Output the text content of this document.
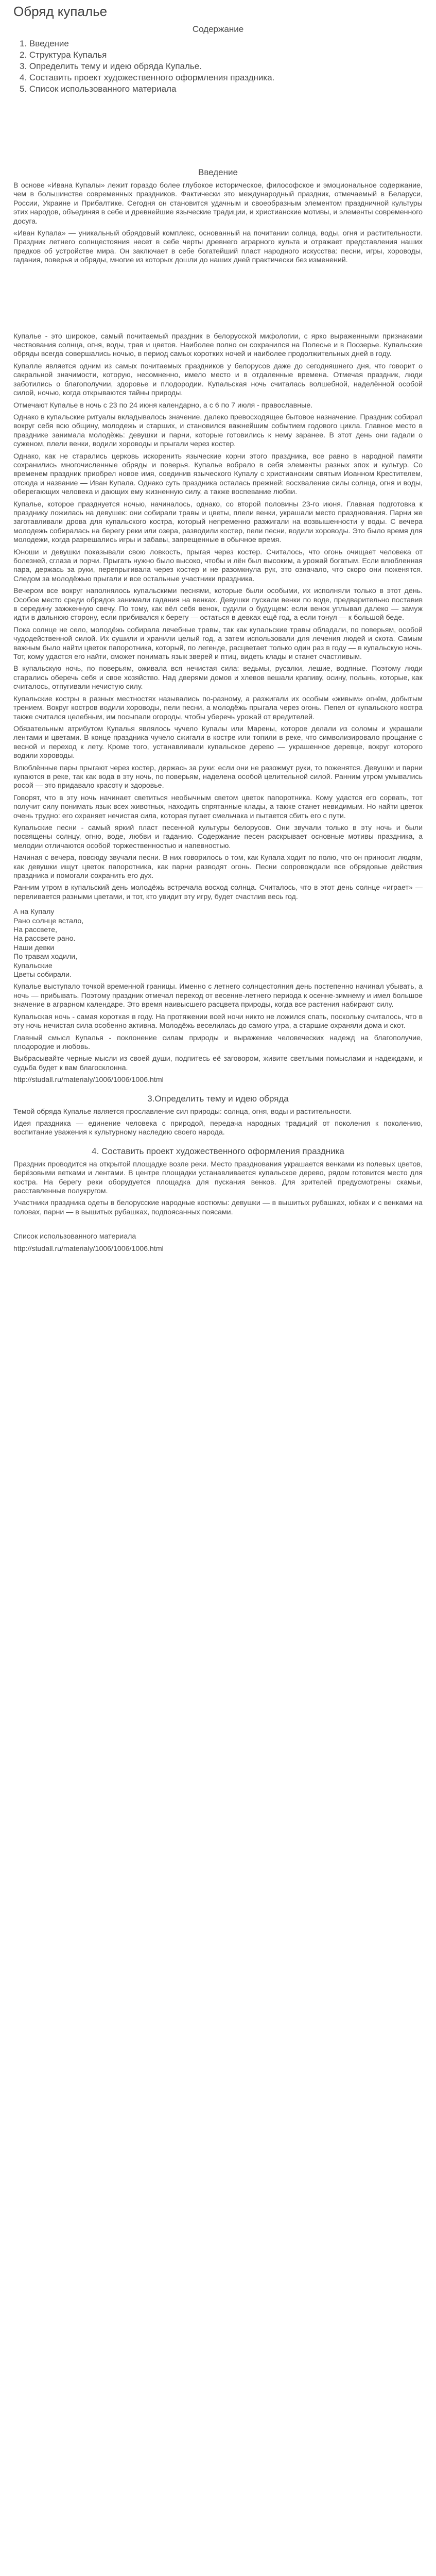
Обряд купалье
Содержание
1. Введение
2. Структура Купалья
3. Определить тему и идею обряда Купалье.
4. Составить проект художественного оформления праздника.
5. Список использованного материала
Введение

В основе «Ивана Купалы» лежит гораздо более глубокое историческое, философское и эмоциональное содержание, чем в большинстве современных праздников. Фактически это международный праздник, отмечаемый в Беларуси, России, Украине и Прибалтике. Сегодня он становится удачным и своеобразным элементом праздничной культуры этих народов, объединяя в себе и древнейшие языческие традиции, и христианские мотивы, и элементы современного досуга.

«Иван Купала» — уникальный обрядовый комплекс, основанный на почитании солнца, воды, огня и растительности. Праздник летнего солнцестояния несет в себе черты древнего аграрного культа и отражает представления наших предков об устройстве мира. Он заключает в себе богатейший пласт народного искусства: песни, игры, хороводы, гадания, поверья и обряды, многие из которых дошли до наших дней практически без изменений.

Купалье - это широкое, самый почитаемый праздник в белорусской мифологии, с ярко выраженными признаками чествования солнца, огня, воды, трав и цветов. Наиболее полно он сохранился на Полесье и в Поозерье. Купальские обряды всегда совершались ночью, в период самых коротких ночей и наиболее продолжительных дней в году.

Купалле является одним из самых почитаемых праздников у белорусов даже до сегодняшнего дня, что говорит о сакральной значимости, которую, несомненно, имело место и в отдаленные времена. Отмечая праздник, люди заботились о благополучии, здоровье и плодородии. Купальская ночь считалась волшебной, наделённой особой силой, ночью, когда открываются тайны природы.

Отмечают Купалье в ночь с 23 по 24 июня календарно, а с 6 по 7 июля - православные.

Однако в купальские ритуалы вкладывалось значение, далеко превосходящее бытовое назначение. Праздник собирал вокруг себя всю общину, молодежь и старших, и становился важнейшим событием годового цикла. Главное место в празднике занимала молодёжь: девушки и парни, которые готовились к нему заранее. В этот день они гадали о суженом, плели венки, водили хороводы и прыгали через костер.

Однако, как не старались церковь искоренить языческие корни этого праздника, все равно в народной памяти сохранились многочисленные обряды и поверья. Купалье вобрало в себя элементы разных эпох и культур. Со временем праздник приобрел новое имя, соединив языческого Купалу с христианским святым Иоанном Крестителем, отсюда и название — Иван Купала. Однако суть праздника осталась прежней: восхваление силы солнца, огня и воды, оберегающих человека и дающих ему жизненную силу, а также воспевание любви.

Купалье, которое празднуется ночью, начиналось, однако, со второй половины 23-го июня. Главная подготовка к празднику ложилась на девушек: они собирали травы и цветы, плели венки, украшали место празднования. Парни же заготавливали дрова для купальского костра, который непременно разжигали на возвышенности у воды. С вечера молодежь собиралась на берегу реки или озера, разводили костер, пели песни, водили хороводы. Это было время для молодежи, когда разрешались игры и забавы, запрещенные в обычное время.

Юноши и девушки показывали свою ловкость, прыгая через костер. Считалось, что огонь очищает человека от болезней, сглаза и порчи. Прыгать нужно было высоко, чтобы и лён был высоким, а урожай богатым. Если влюбленная пара, держась за руки, перепрыгивала через костер и не разомкнула рук, это означало, что скоро они поженятся. Следом за молодёжью прыгали и все остальные участники праздника.

Вечером все вокруг наполнялось купальскими песнями, которые были особыми, их исполняли только в этот день. Особое место среди обрядов занимали гадания на венках. Девушки пускали венки по воде, предварительно поставив в середину зажженную свечу. По тому, как вёл себя венок, судили о будущем: если венок уплывал далеко — замуж идти в дальнюю сторону, если прибивался к берегу — остаться в девках ещё год, а если тонул — к большой беде.

Пока солнце не село, молодёжь собирала лечебные травы, так как купальские травы обладали, по поверьям, особой чудодейственной силой. Их сушили и хранили целый год, а затем использовали для лечения людей и скота. Самым важным было найти цветок папоротника, который, по легенде, расцветает только один раз в году — в купальскую ночь. Тот, кому удастся его найти, сможет понимать язык зверей и птиц, видеть клады и станет счастливым.

В купальскую ночь, по поверьям, оживала вся нечистая сила: ведьмы, русалки, лешие, водяные. Поэтому люди старались оберечь себя и свое хозяйство. Над дверями домов и хлевов вешали крапиву, осину, полынь, которые, как считалось, отпугивали нечистую силу.

Купальские костры в разных местностях назывались по-разному, а разжигали их особым «живым» огнём, добытым трением. Вокруг костров водили хороводы, пели песни, а молодёжь прыгала через огонь. Пепел от купальского костра также считался целебным, им посыпали огороды, чтобы уберечь урожай от вредителей.

Обязательным атрибутом Купалья являлось чучело Купалы или Марены, которое делали из соломы и украшали лентами и цветами. В конце праздника чучело сжигали в костре или топили в реке, что символизировало прощание с весной и переход к лету. Кроме того, устанавливали купальское дерево — украшенное деревце, вокруг которого водили хороводы.

Влюблённые пары прыгают через костер, держась за руки: если они не разожмут руки, то поженятся. Девушки и парни купаются в реке, так как вода в эту ночь, по поверьям, наделена особой целительной силой. Ранним утром умывались росой — это придавало красоту и здоровье.

Говорят, что в эту ночь начинает светиться необычным светом цветок папоротника. Кому удастся его сорвать, тот получит силу понимать язык всех животных, находить спрятанные клады, а также станет невидимым. Но найти цветок очень трудно: его охраняет нечистая сила, которая пугает смельчака и пытается сбить его с пути.

Купальские песни - самый яркий пласт песенной культуры белорусов. Они звучали только в эту ночь и были посвящены солнцу, огню, воде, любви и гаданию. Содержание песен раскрывает основные мотивы праздника, а мелодии отличаются особой торжественностью и напевностью.

Начиная с вечера, повсюду звучали песни. В них говорилось о том, как Купала ходит по полю, что он приносит людям, как девушки ищут цветок папоротника, как парни разводят огонь. Песни сопровождали все обрядовые действия праздника и помогали сохранить его дух.

Ранним утром в купальский день молодёжь встречала восход солнца. Считалось, что в этот день солнце «играет» — переливается разными цветами, и тот, кто увидит эту игру, будет счастлив весь год.

А на Купалу

Рано солнце встало,

На рассвете,

На рассвете рано.

Наши девки

По травам ходили,

Купальские

Цветы собирали.

Купалье выступало точкой временной границы. Именно с летнего солнцестояния день постепенно начинал убывать, а ночь — прибывать. Поэтому праздник отмечал переход от весенне-летнего периода к осенне-зимнему и имел большое значение в аграрном календаре. Это время наивысшего расцвета природы, когда все растения набирают силу.

Купальская ночь - самая короткая в году. На протяжении всей ночи никто не ложился спать, поскольку считалось, что в эту ночь нечистая сила особенно активна. Молодёжь веселилась до самого утра, а старшие охраняли дома и скот.

Главный смысл Купалья - поклонение силам природы и выражение человеческих надежд на благополучие, плодородие и любовь.

Выбрасывайте черные мысли из своей души, подпитесь её заговором, живите светлыми помыслами и надеждами, и судьба будет к вам благосклонна.

http://studall.ru/materialy/1006/1006/1006.html

3.Определить тему и идею обряда

Темой обряда Купалье является прославление сил природы: солнца, огня, воды и растительности.

Идея праздника — единение человека с природой, передача народных традиций от поколения к поколению, воспитание уважения к культурному наследию своего народа.

4. Составить проект художественного оформления праздника

Праздник проводится на открытой площадке возле реки. Место празднования украшается венками из полевых цветов, берёзовыми ветками и лентами. В центре площадки устанавливается купальское дерево, рядом готовится место для костра. На берегу реки оборудуется площадка для пускания венков. Для зрителей предусмотрены скамьи, расставленные полукругом.

Участники праздника одеты в белорусские народные костюмы: девушки — в вышитых рубашках, юбках и с венками на головах, парни — в вышитых рубашках, подпоясанных поясами.

Список использованного материала

http://studall.ru/materialy/1006/1006/1006.html
